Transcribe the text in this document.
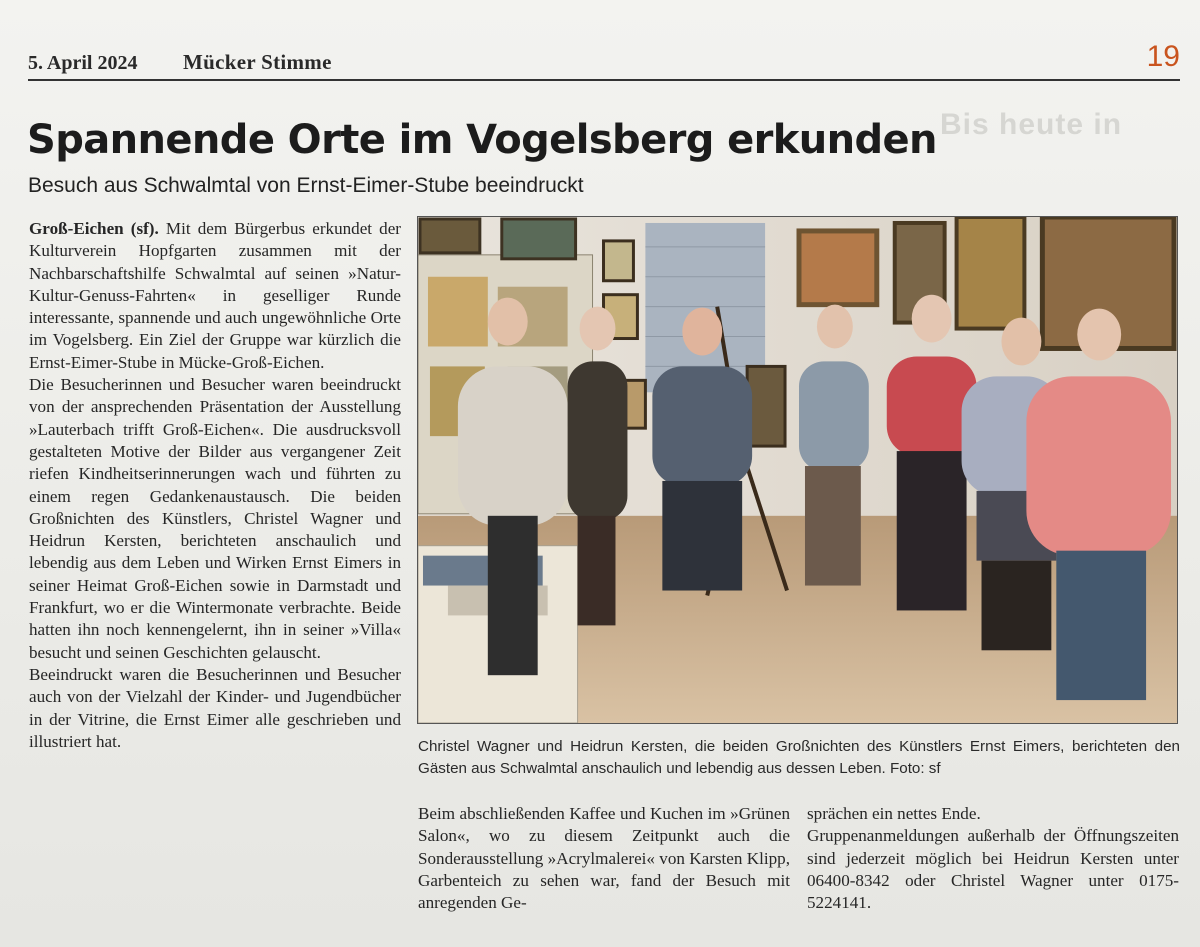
5. April 2024 Mücker Stimme	19
Bis heute in
Spannende Orte im Vogelsberg erkunden
Besuch aus Schwalmtal von Ernst-Eimer-Stube beeindruckt

Groß-Eichen (sf). Mit dem Bürgerbus erkundet der Kulturverein Hopfgarten zusammen mit der Nachbarschaftshilfe Schwalmtal auf seinen »Natur-Kultur-Genuss-Fahrten« in geselliger Runde interessante, spannende und auch ungewöhnliche Orte im Vogelsberg. Ein Ziel der Gruppe war kürzlich die Ernst-Eimer-Stube in Mücke-Groß-Eichen.

Die Besucherinnen und Besucher waren beeindruckt von der ansprechenden Präsentation der Ausstellung »Lauterbach trifft Groß-Eichen«. Die ausdrucksvoll gestalteten Motive der Bilder aus vergangener Zeit riefen Kindheitserinnerungen wach und führten zu einem regen Gedankenaustausch. Die beiden Großnichten des Künstlers, Christel Wagner und Heidrun Kersten, berichteten anschaulich und lebendig aus dem Leben und Wirken Ernst Eimers in seiner Heimat Groß-Eichen sowie in Darmstadt und Frankfurt, wo er die Wintermonate verbrachte. Beide hatten ihn noch kennengelernt, ihn in seiner »Villa« besucht und seinen Geschichten gelauscht.

Beeindruckt waren die Besucherinnen und Besucher auch von der Vielzahl der Kinder- und Jugendbücher in der Vitrine, die Ernst Eimer alle geschrieben und illustriert hat.	Christel Wagner und Heidrun Kersten, die beiden Großnichten des Künstlers Ernst Eimers, berichteten den Gästen aus Schwalmtal anschaulich und lebendig aus dessen Leben. Foto: sf

Beim abschließenden Kaffee und Kuchen im »Grünen Salon«, wo zu diesem Zeitpunkt auch die Sonderausstellung »Acrylmalerei« von Karsten Klipp, Garbenteich zu sehen war, fand der Besuch mit anregenden Ge-

sprächen ein nettes Ende.

Gruppenanmeldungen außerhalb der Öffnungszeiten sind jederzeit möglich bei Heidrun Kersten unter 06400-8342 oder Christel Wagner unter 0175-5224141.
